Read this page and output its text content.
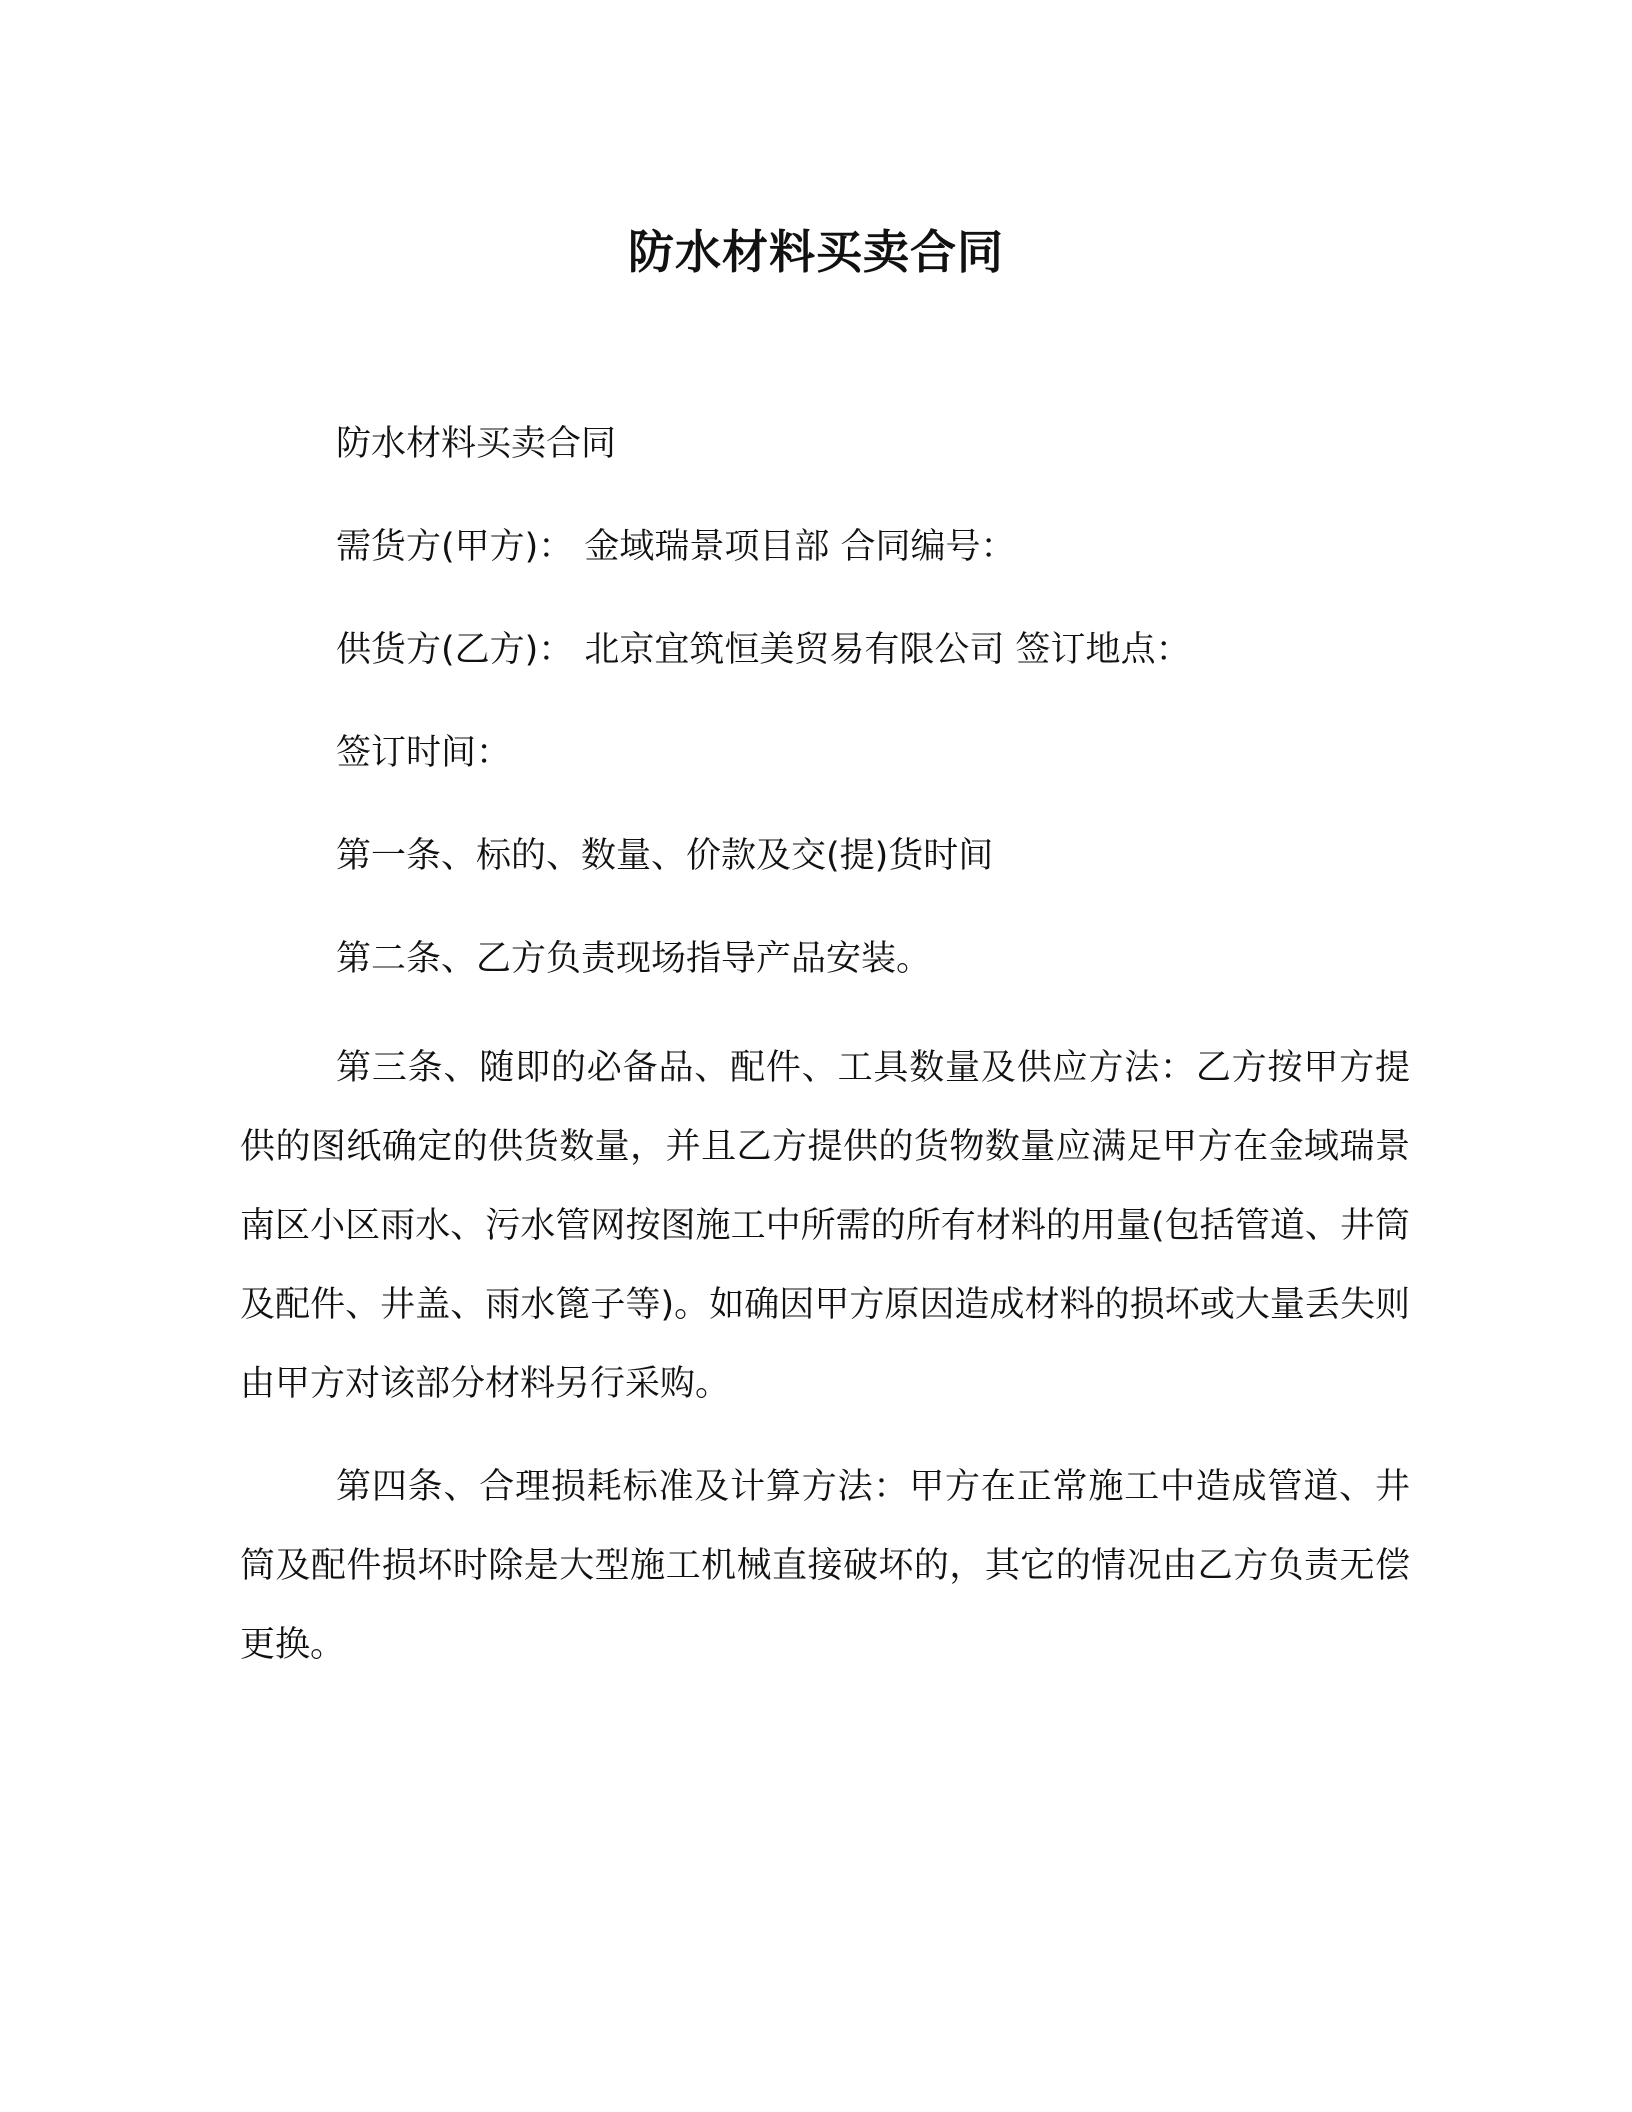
防水材料买卖合同

防水材料买卖合同

需货方(甲方)： 金域瑞景项目部 合同编号：

供货方(乙方)： 北京宜筑恒美贸易有限公司 签订地点：

签订时间：

第一条、标的、数量、价款及交(提)货时间

第二条、乙方负责现场指导产品安装。

第三条、随即的必备品、配件、工具数量及供应方法：乙方按甲方提供的图纸确定的供货数量，并且乙方提供的货物数量应满足甲方在金域瑞景南区小区雨水、污水管网按图施工中所需的所有材料的用量(包括管道、井筒及配件、井盖、雨水篦子等)。如确因甲方原因造成材料的损坏或大量丢失则由甲方对该部分材料另行采购。

第四条、合理损耗标准及计算方法：甲方在正常施工中造成管道、井筒及配件损坏时除是大型施工机械直接破坏的，其它的情况由乙方负责无偿更换。
